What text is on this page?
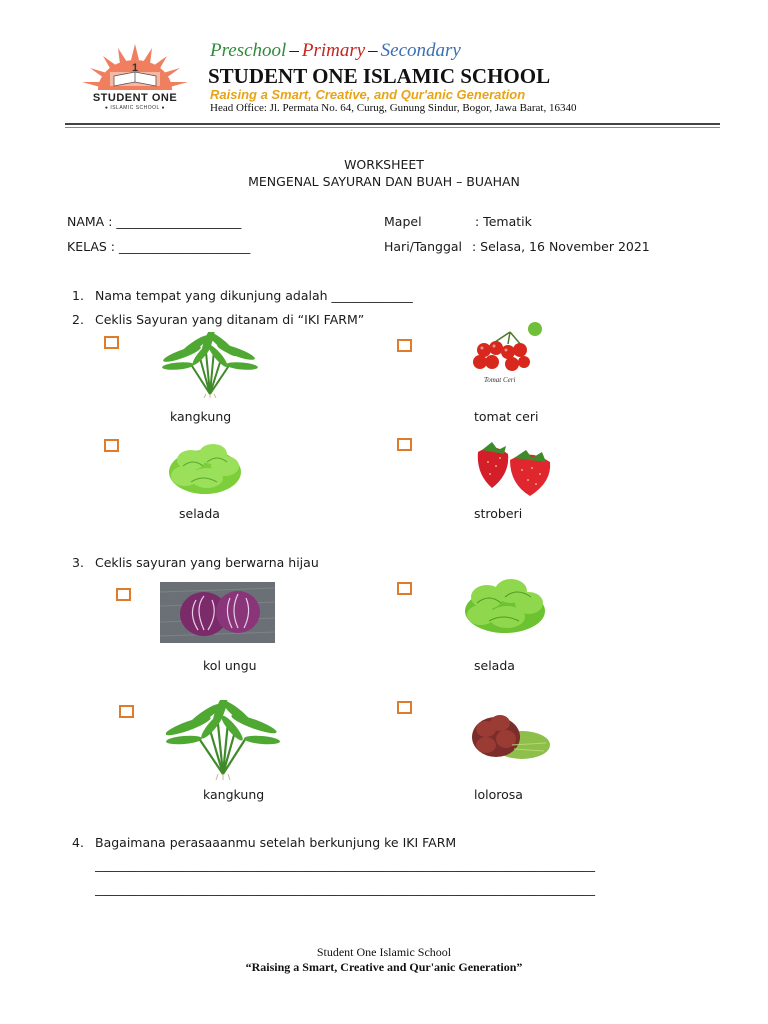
1
STUDENT ONE
● ISLAMIC SCHOOL ●
Preschool – Primary – Secondary
STUDENT ONE ISLAMIC SCHOOL
Raising a Smart, Creative, and Qur'anic Generation
Head Office: Jl. Permata No. 64, Curug, Gunung Sindur, Bogor, Jawa Barat, 16340
WORKSHEET
MENGENAL SAYURAN DAN BUAH – BUAHAN
NAMA : ____________________
KELAS : _____________________
Mapel	: Tematik
Hari/Tanggal : Selasa, 16 November 2021
1. Nama tempat yang dikunjung adalah _____________
2. Ceklis Sayuran yang ditanam di “IKI FARM”
kangkung
Tomat Ceri
tomat ceri
selada	stroberi
3. Ceklis sayuran yang berwarna hijau
kol ungu	selada
kangkung	lolorosa
4. Bagaimana perasaaanmu setelah berkunjung ke IKI FARM
________________________________________________________________________________
________________________________________________________________________________
Student One Islamic School
“Raising a Smart, Creative and Qur'anic Generation”
